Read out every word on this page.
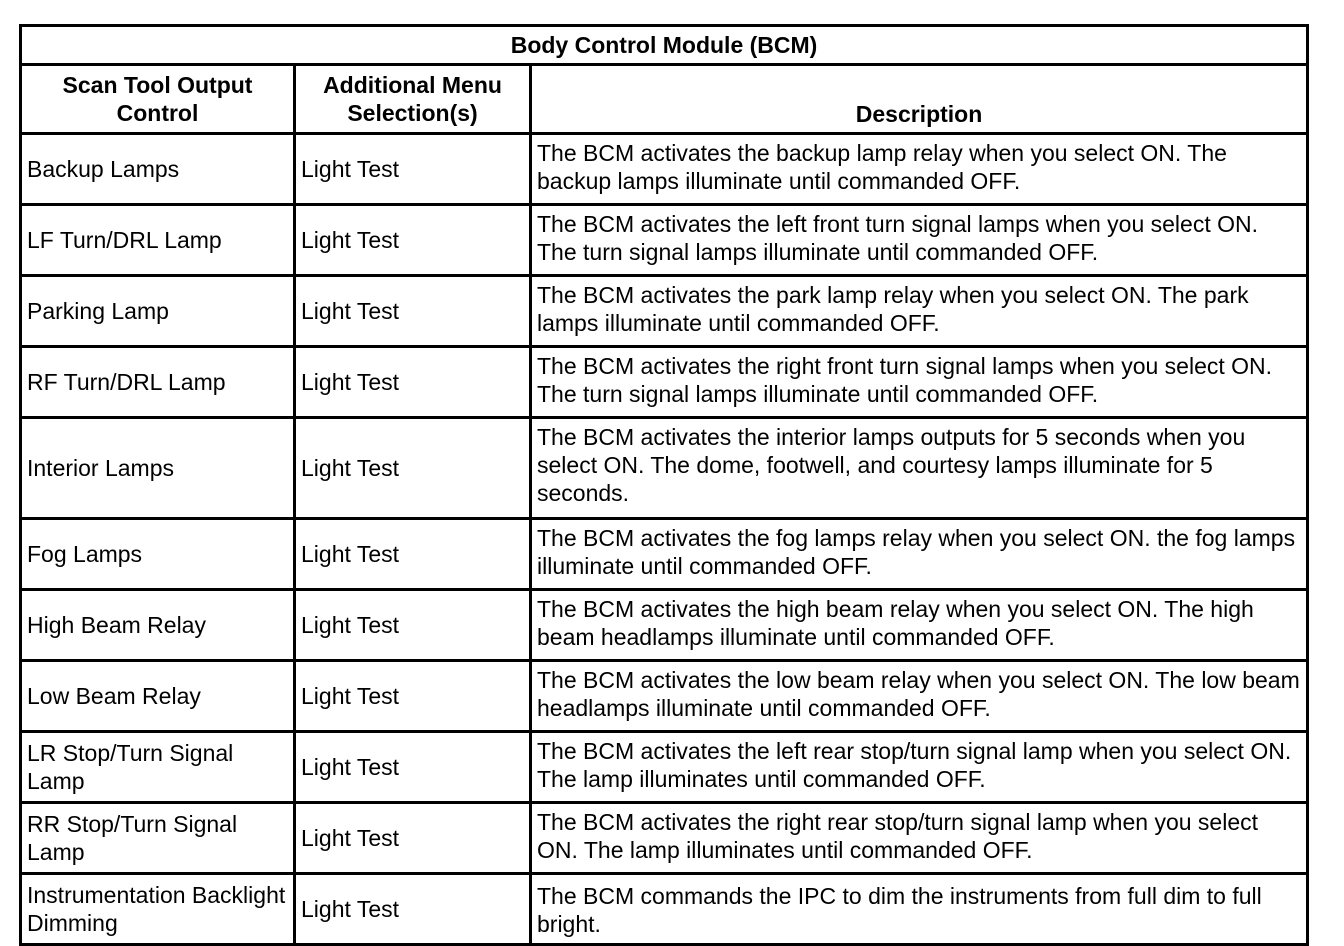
Body Control Module (BCM)		
Scan Tool Output Control	Additional Menu Selection(s)	Description
Backup Lamps	Light Test	The BCM activates the backup lamp relay when you select ON. The backup lamps illuminate until commanded OFF.
LF Turn/DRL Lamp	Light Test	The BCM activates the left front turn signal lamps when you select ON. The turn signal lamps illuminate until commanded OFF.
Parking Lamp	Light Test	The BCM activates the park lamp relay when you select ON. The park lamps illuminate until commanded OFF.
RF Turn/DRL Lamp	Light Test	The BCM activates the right front turn signal lamps when you select ON. The turn signal lamps illuminate until commanded OFF.
Interior Lamps	Light Test	The BCM activates the interior lamps outputs for 5 seconds when you select ON. The dome, footwell, and courtesy lamps illuminate for 5 seconds.
Fog Lamps	Light Test	The BCM activates the fog lamps relay when you select ON. the fog lamps illuminate until commanded OFF.
High Beam Relay	Light Test	The BCM activates the high beam relay when you select ON. The high beam headlamps illuminate until commanded OFF.
Low Beam Relay	Light Test	The BCM activates the low beam relay when you select ON. The low beam headlamps illuminate until commanded OFF.
LR Stop/Turn Signal Lamp	Light Test	The BCM activates the left rear stop/turn signal lamp when you select ON. The lamp illuminates until commanded OFF.
RR Stop/Turn Signal Lamp	Light Test	The BCM activates the right rear stop/turn signal lamp when you select ON. The lamp illuminates until commanded OFF.
Instrumentation Backlight Dimming	Light Test	The BCM commands the IPC to dim the instruments from full dim to full bright.
